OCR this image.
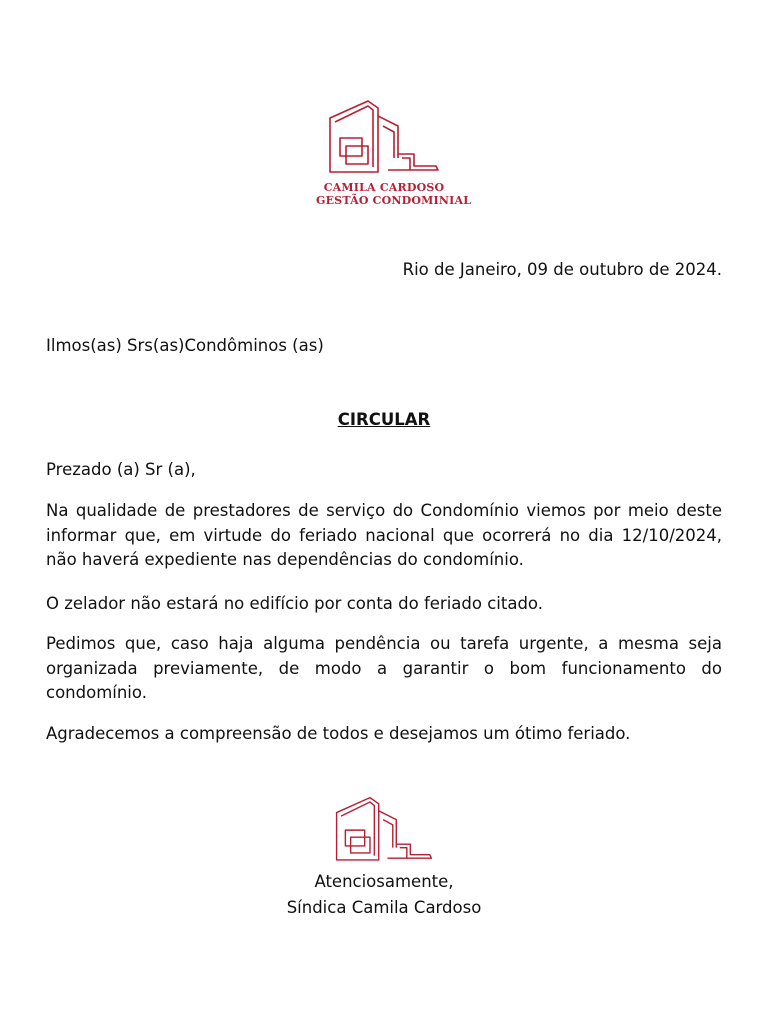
CAMILA CARDOSO
GESTÃO CONDOMINIAL
Rio de Janeiro, 09 de outubro de 2024.
Ilmos(as) Srs(as)Condôminos (as)
CIRCULAR
Prezado (a) Sr (a),
Na qualidade de prestadores de serviço do Condomínio viemos por meio deste informar que, em virtude do feriado nacional que ocorrerá no dia 12/10/2024, não haverá expediente nas dependências do condomínio.
O zelador não estará no edifício por conta do feriado citado.
Pedimos que, caso haja alguma pendência ou tarefa urgente, a mesma seja organizada previamente, de modo a garantir o bom funcionamento do condomínio.
Agradecemos a compreensão de todos e desejamos um ótimo feriado.
Atenciosamente,
Síndica Camila Cardoso
